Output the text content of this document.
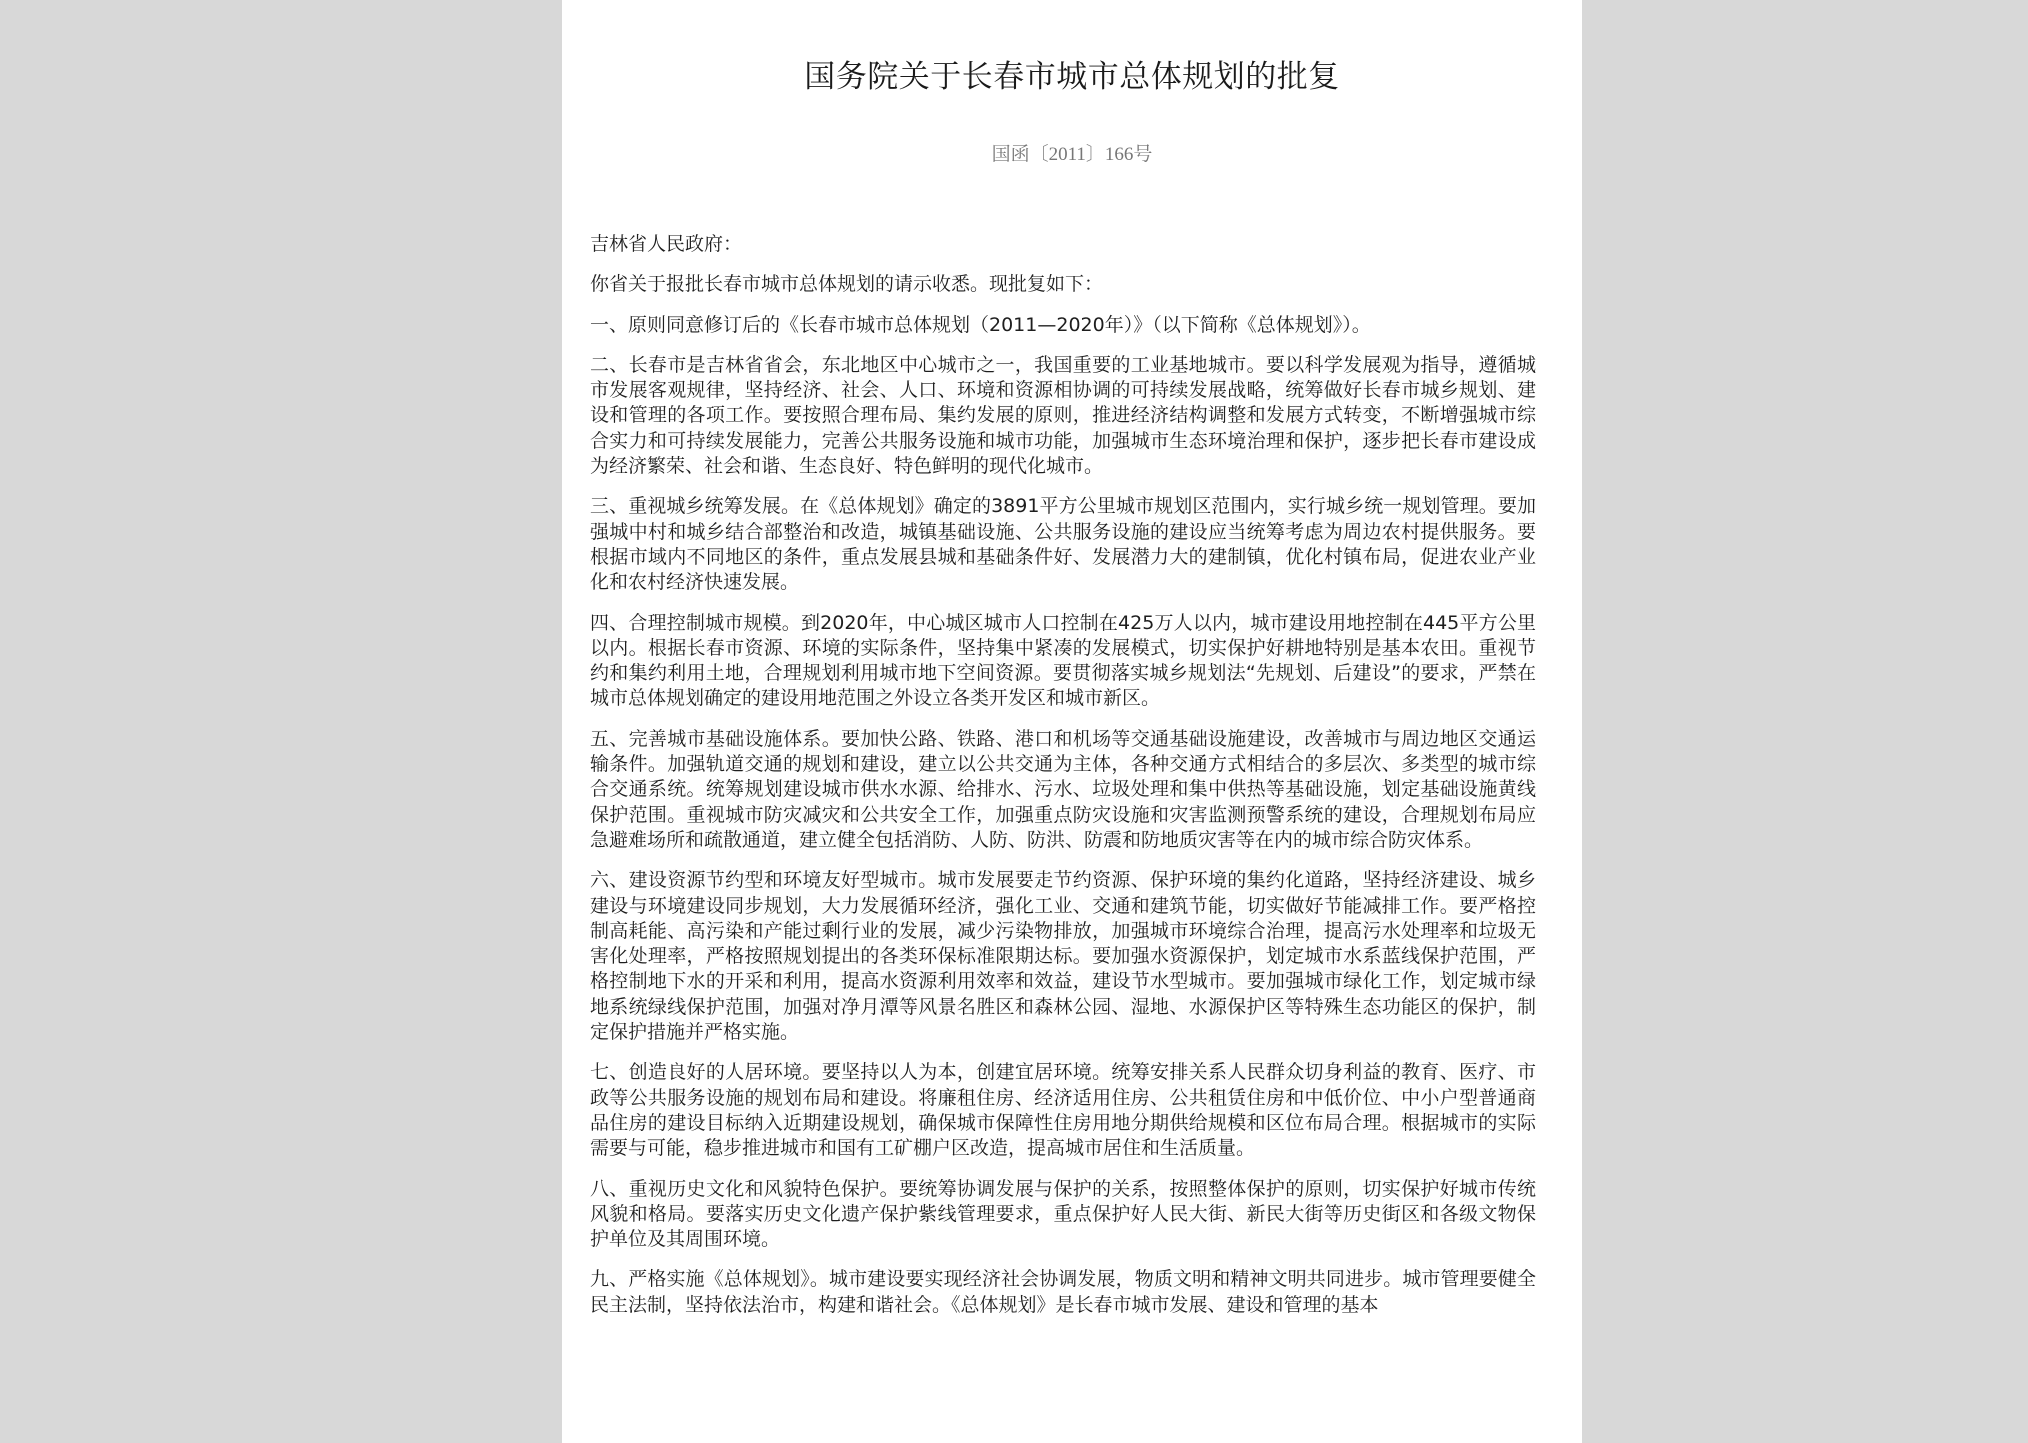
国务院关于长春市城市总体规划的批复
国函〔2011〕166号
吉林省人民政府：
你省关于报批长春市城市总体规划的请示收悉。现批复如下：
一、原则同意修订后的《长春市城市总体规划（2011—2020年）》（以下简称《总体规划》）。
二、长春市是吉林省省会，东北地区中心城市之一，我国重要的工业基地城市。要以科学发展观为指导，遵循城市发展客观规律，坚持经济、社会、人口、环境和资源相协调的可持续发展战略，统筹做好长春市城乡规划、建设和管理的各项工作。要按照合理布局、集约发展的原则，推进经济结构调整和发展方式转变，不断增强城市综合实力和可持续发展能力，完善公共服务设施和城市功能，加强城市生态环境治理和保护，逐步把长春市建设成为经济繁荣、社会和谐、生态良好、特色鲜明的现代化城市。
三、重视城乡统筹发展。在《总体规划》确定的3891平方公里城市规划区范围内，实行城乡统一规划管理。要加强城中村和城乡结合部整治和改造，城镇基础设施、公共服务设施的建设应当统筹考虑为周边农村提供服务。要根据市域内不同地区的条件，重点发展县城和基础条件好、发展潜力大的建制镇，优化村镇布局，促进农业产业化和农村经济快速发展。
四、合理控制城市规模。到2020年，中心城区城市人口控制在425万人以内，城市建设用地控制在445平方公里以内。根据长春市资源、环境的实际条件，坚持集中紧凑的发展模式，切实保护好耕地特别是基本农田。重视节约和集约利用土地，合理规划利用城市地下空间资源。要贯彻落实城乡规划法“先规划、后建设”的要求，严禁在城市总体规划确定的建设用地范围之外设立各类开发区和城市新区。
五、完善城市基础设施体系。要加快公路、铁路、港口和机场等交通基础设施建设，改善城市与周边地区交通运输条件。加强轨道交通的规划和建设，建立以公共交通为主体，各种交通方式相结合的多层次、多类型的城市综合交通系统。统筹规划建设城市供水水源、给排水、污水、垃圾处理和集中供热等基础设施，划定基础设施黄线保护范围。重视城市防灾减灾和公共安全工作，加强重点防灾设施和灾害监测预警系统的建设，合理规划布局应急避难场所和疏散通道，建立健全包括消防、人防、防洪、防震和防地质灾害等在内的城市综合防灾体系。
六、建设资源节约型和环境友好型城市。城市发展要走节约资源、保护环境的集约化道路，坚持经济建设、城乡建设与环境建设同步规划，大力发展循环经济，强化工业、交通和建筑节能，切实做好节能减排工作。要严格控制高耗能、高污染和产能过剩行业的发展，减少污染物排放，加强城市环境综合治理，提高污水处理率和垃圾无害化处理率，严格按照规划提出的各类环保标准限期达标。要加强水资源保护，划定城市水系蓝线保护范围，严格控制地下水的开采和利用，提高水资源利用效率和效益，建设节水型城市。要加强城市绿化工作，划定城市绿地系统绿线保护范围，加强对净月潭等风景名胜区和森林公园、湿地、水源保护区等特殊生态功能区的保护，制定保护措施并严格实施。
七、创造良好的人居环境。要坚持以人为本，创建宜居环境。统筹安排关系人民群众切身利益的教育、医疗、市政等公共服务设施的规划布局和建设。将廉租住房、经济适用住房、公共租赁住房和中低价位、中小户型普通商品住房的建设目标纳入近期建设规划，确保城市保障性住房用地分期供给规模和区位布局合理。根据城市的实际需要与可能，稳步推进城市和国有工矿棚户区改造，提高城市居住和生活质量。
八、重视历史文化和风貌特色保护。要统筹协调发展与保护的关系，按照整体保护的原则，切实保护好城市传统风貌和格局。要落实历史文化遗产保护紫线管理要求，重点保护好人民大街、新民大街等历史街区和各级文物保护单位及其周围环境。
九、严格实施《总体规划》。城市建设要实现经济社会协调发展，物质文明和精神文明共同进步。城市管理要健全民主法制，坚持依法治市，构建和谐社会。《总体规划》是长春市城市发展、建设和管理的基本
